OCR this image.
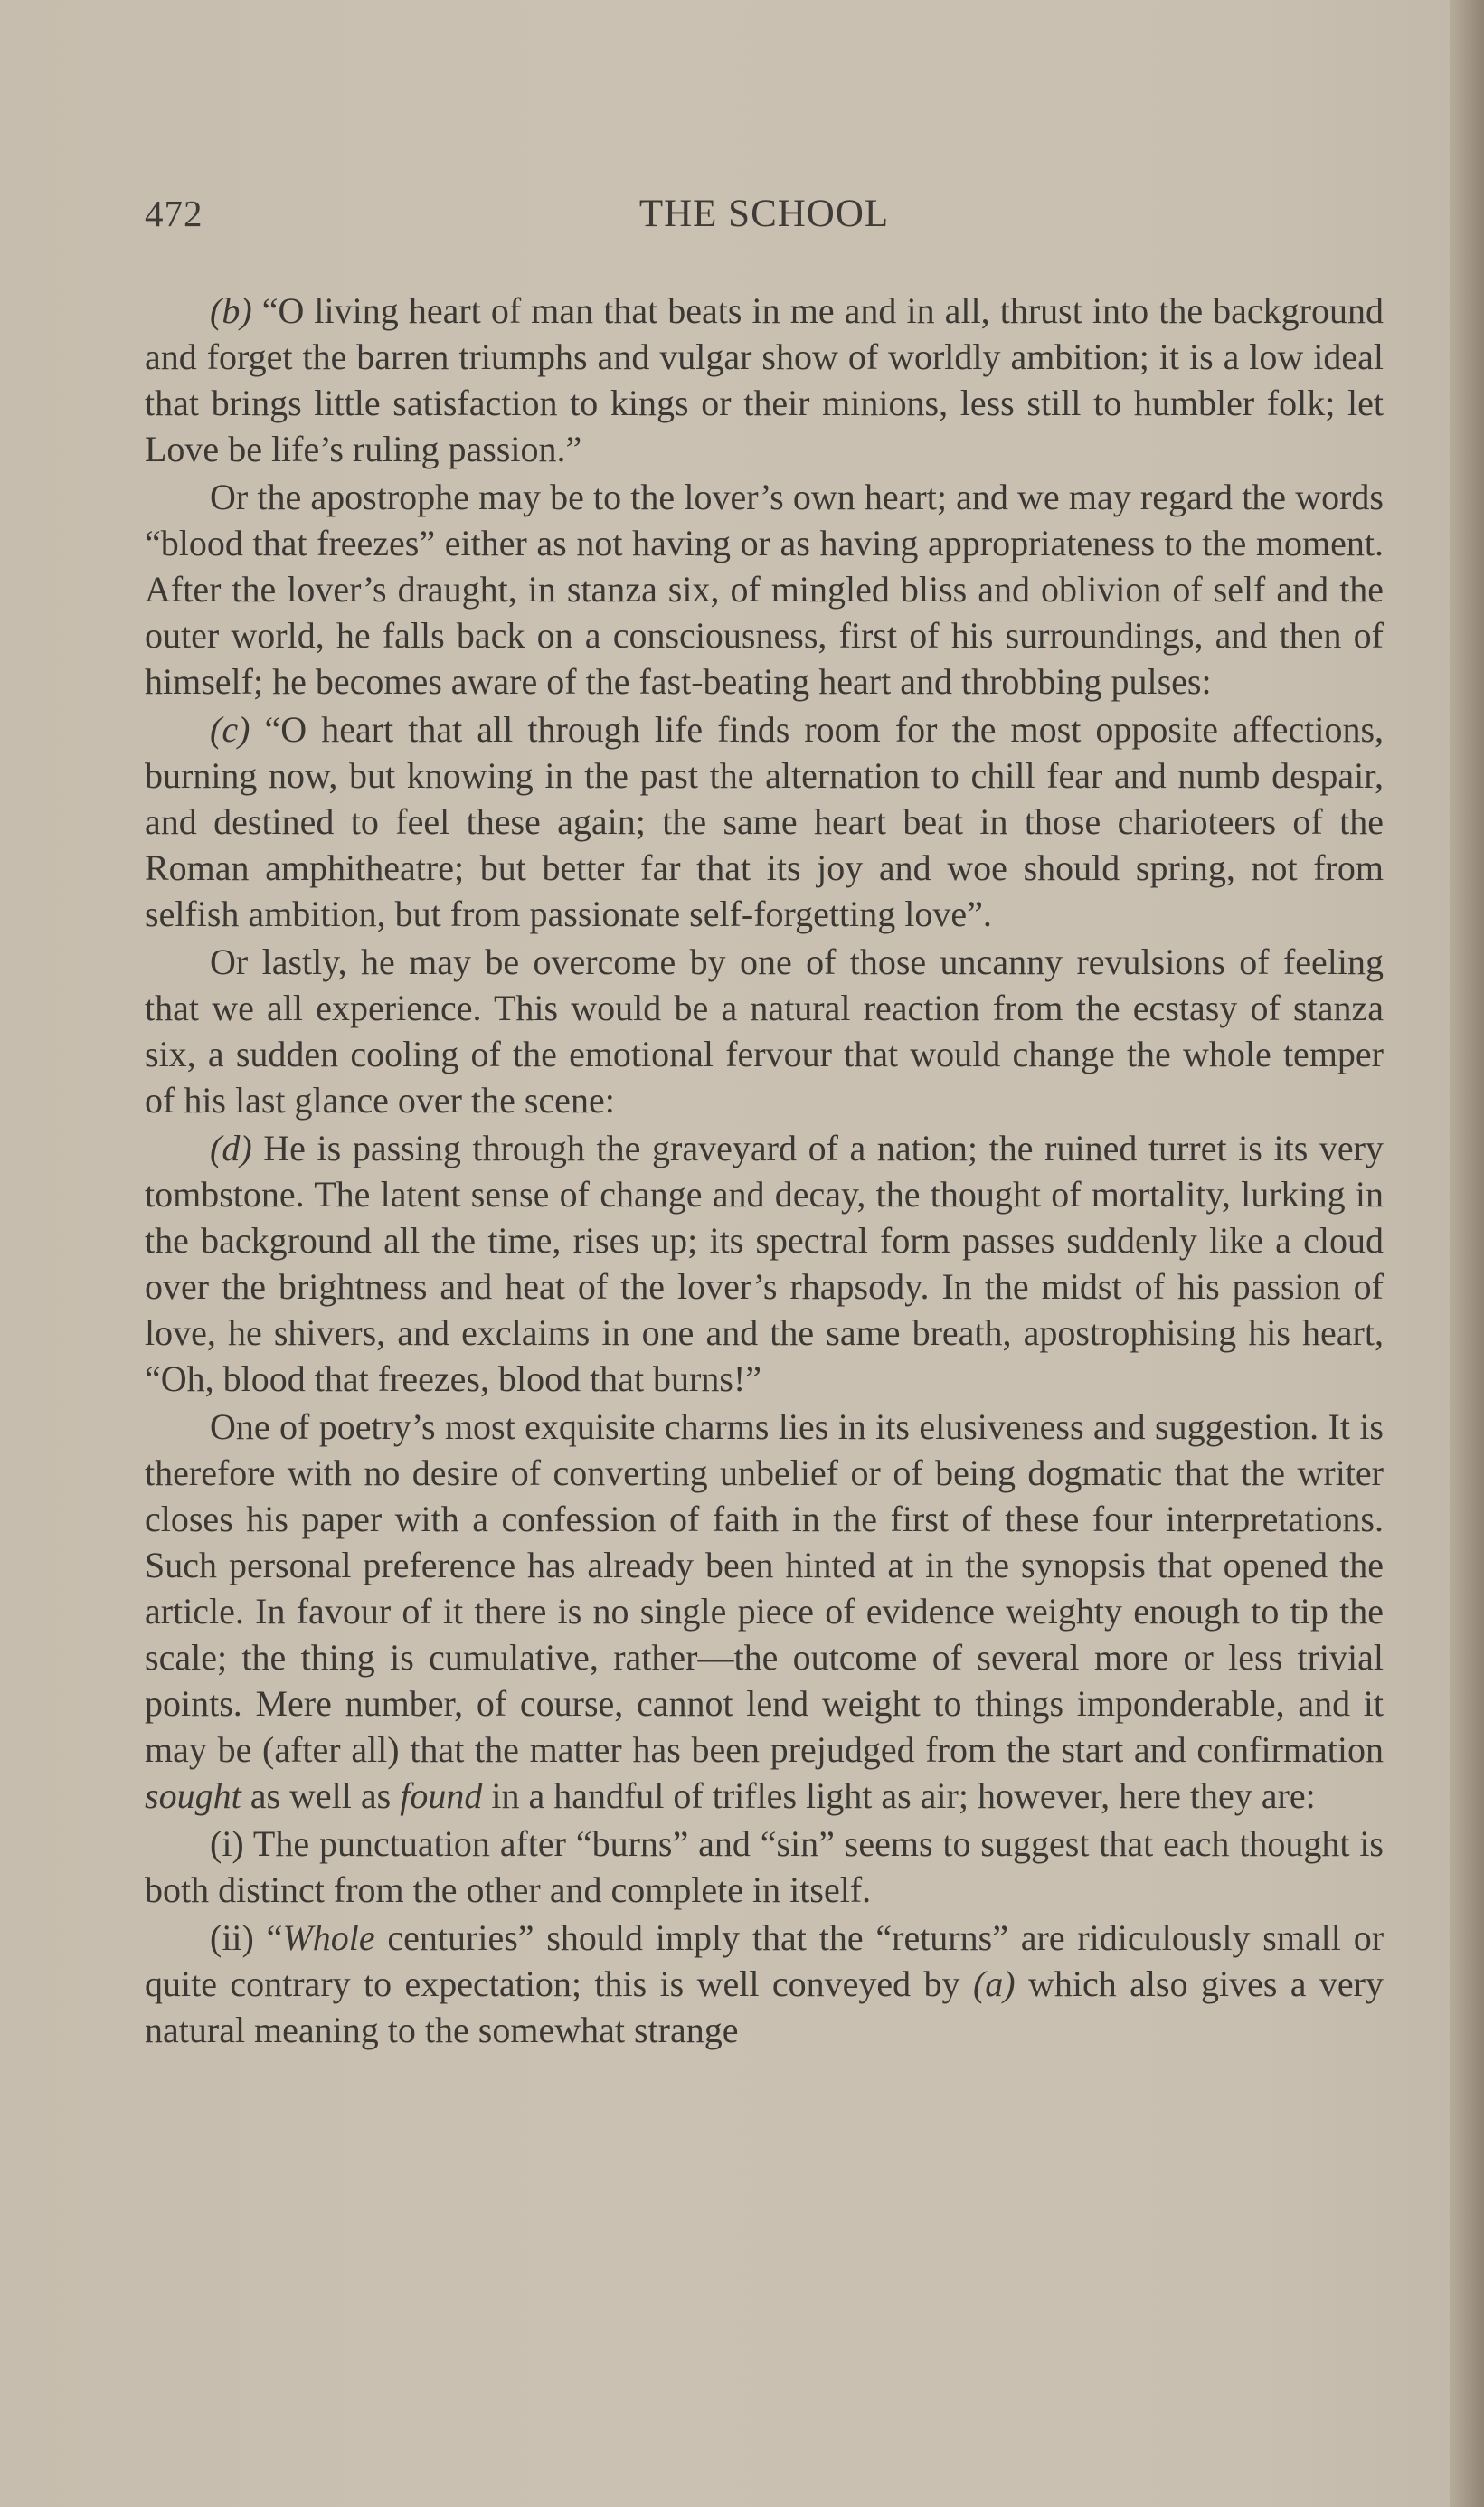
472	THE SCHOOL

(b) “O living heart of man that beats in me and in all, thrust into the background and forget the barren triumphs and vulgar show of worldly ambition; it is a low ideal that brings little satisfaction to kings or their minions, less still to humbler folk; let Love be life’s ruling passion.”

Or the apostrophe may be to the lover’s own heart; and we may regard the words “blood that freezes” either as not having or as having appropriateness to the moment. After the lover’s draught, in stanza six, of mingled bliss and oblivion of self and the outer world, he falls back on a consciousness, first of his surroundings, and then of himself; he becomes aware of the fast-beating heart and throbbing pulses:

(c) “O heart that all through life finds room for the most opposite affections, burning now, but knowing in the past the alternation to chill fear and numb despair, and destined to feel these again; the same heart beat in those charioteers of the Roman amphitheatre; but better far that its joy and woe should spring, not from selfish ambition, but from passionate self-forgetting love”.

Or lastly, he may be overcome by one of those uncanny revulsions of feeling that we all experience. This would be a natural reaction from the ecstasy of stanza six, a sudden cooling of the emotional fervour that would change the whole temper of his last glance over the scene:

(d) He is passing through the graveyard of a nation; the ruined turret is its very tombstone. The latent sense of change and decay, the thought of mortality, lurking in the background all the time, rises up; its spectral form passes suddenly like a cloud over the brightness and heat of the lover’s rhapsody. In the midst of his passion of love, he shivers, and exclaims in one and the same breath, apostrophising his heart, “Oh, blood that freezes, blood that burns!”

One of poetry’s most exquisite charms lies in its elusiveness and suggestion. It is therefore with no desire of converting unbelief or of being dogmatic that the writer closes his paper with a confession of faith in the first of these four interpretations. Such personal preference has already been hinted at in the synopsis that opened the article. In favour of it there is no single piece of evidence weighty enough to tip the scale; the thing is cumulative, rather—the outcome of several more or less trivial points. Mere number, of course, cannot lend weight to things imponderable, and it may be (after all) that the matter has been prejudged from the start and confirmation sought as well as found in a handful of trifles light as air; however, here they are:

(i) The punctuation after “burns” and “sin” seems to suggest that each thought is both distinct from the other and complete in itself.

(ii) “Whole centuries” should imply that the “returns” are ridiculously small or quite contrary to expectation; this is well conveyed by (a) which also gives a very natural meaning to the somewhat strange
